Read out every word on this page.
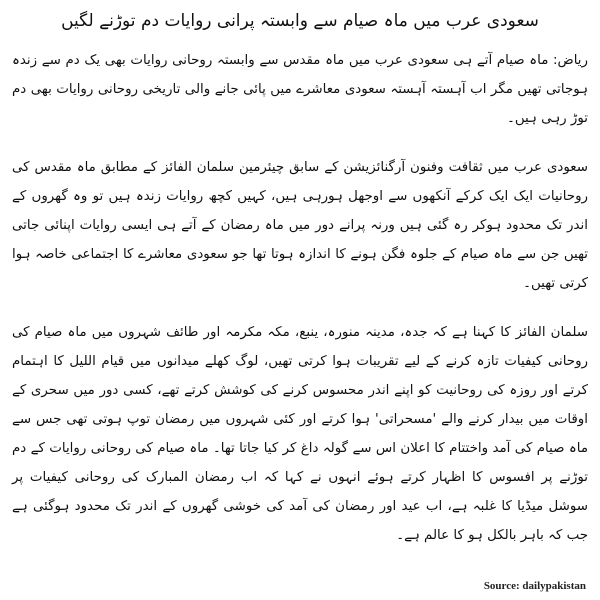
سعودی عرب میں ماہ صیام سے وابستہ پرانی روایات دم توڑنے لگیں

ریاض: ماہ صیام آتے ہی سعودی عرب میں ماہ مقدس سے وابستہ روحانی روایات بھی یک دم سے زندہ ہوجاتی تھیں مگر اب آہستہ آہستہ سعودی معاشرے میں پائی جانے والی تاریخی روحانی روایات بھی دم توڑ رہی ہیں۔

سعودی عرب میں ثقافت وفنون آرگنائزیشن کے سابق چیئرمین سلمان الفائز کے مطابق ماہ مقدس کی روحانیات ایک ایک کرکے آنکھوں سے اوجھل ہورہی ہیں، کہیں کچھ روایات زندہ ہیں تو وہ گھروں کے اندر تک محدود ہوکر رہ گئی ہیں ورنہ پرانے دور میں ماہ رمضان کے آتے ہی ایسی روایات اپنائی جاتی تھیں جن سے ماہ صیام کے جلوہ فگن ہونے کا اندازہ ہوتا تھا جو سعودی معاشرے کا اجتماعی خاصہ ہوا کرتی تھیں۔

سلمان الفائز کا کہنا ہے کہ جدہ، مدینہ منورہ، ینبع، مکہ مکرمہ اور طائف شہروں میں ماہ صیام کی روحانی کیفیات تازہ کرنے کے لیے تقریبات ہوا کرتی تھیں، لوگ کھلے میدانوں میں قیام اللیل کا اہتمام کرتے اور روزہ کی روحانیت کو اپنے اندر محسوس کرنے کی کوشش کرتے تھے، کسی دور میں سحری کے اوقات میں بیدار کرنے والے 'مسحراتی' ہوا کرتے اور کئی شہروں میں رمضان توپ ہوتی تھی جس سے ماہ صیام کی آمد واختتام کا اعلان اس سے گولہ داغ کر کیا جاتا تھا۔ ماہ صیام کی روحانی روایات کے دم توڑنے پر افسوس کا اظہار کرتے ہوئے انہوں نے کہا کہ اب رمضان المبارک کی روحانی کیفیات پر سوشل میڈیا کا غلبہ ہے، اب عید اور رمضان کی آمد کی خوشی گھروں کے اندر تک محدود ہوگئی ہے جب کہ باہر بالکل ہو کا عالم ہے۔

Source: dailypakistan
